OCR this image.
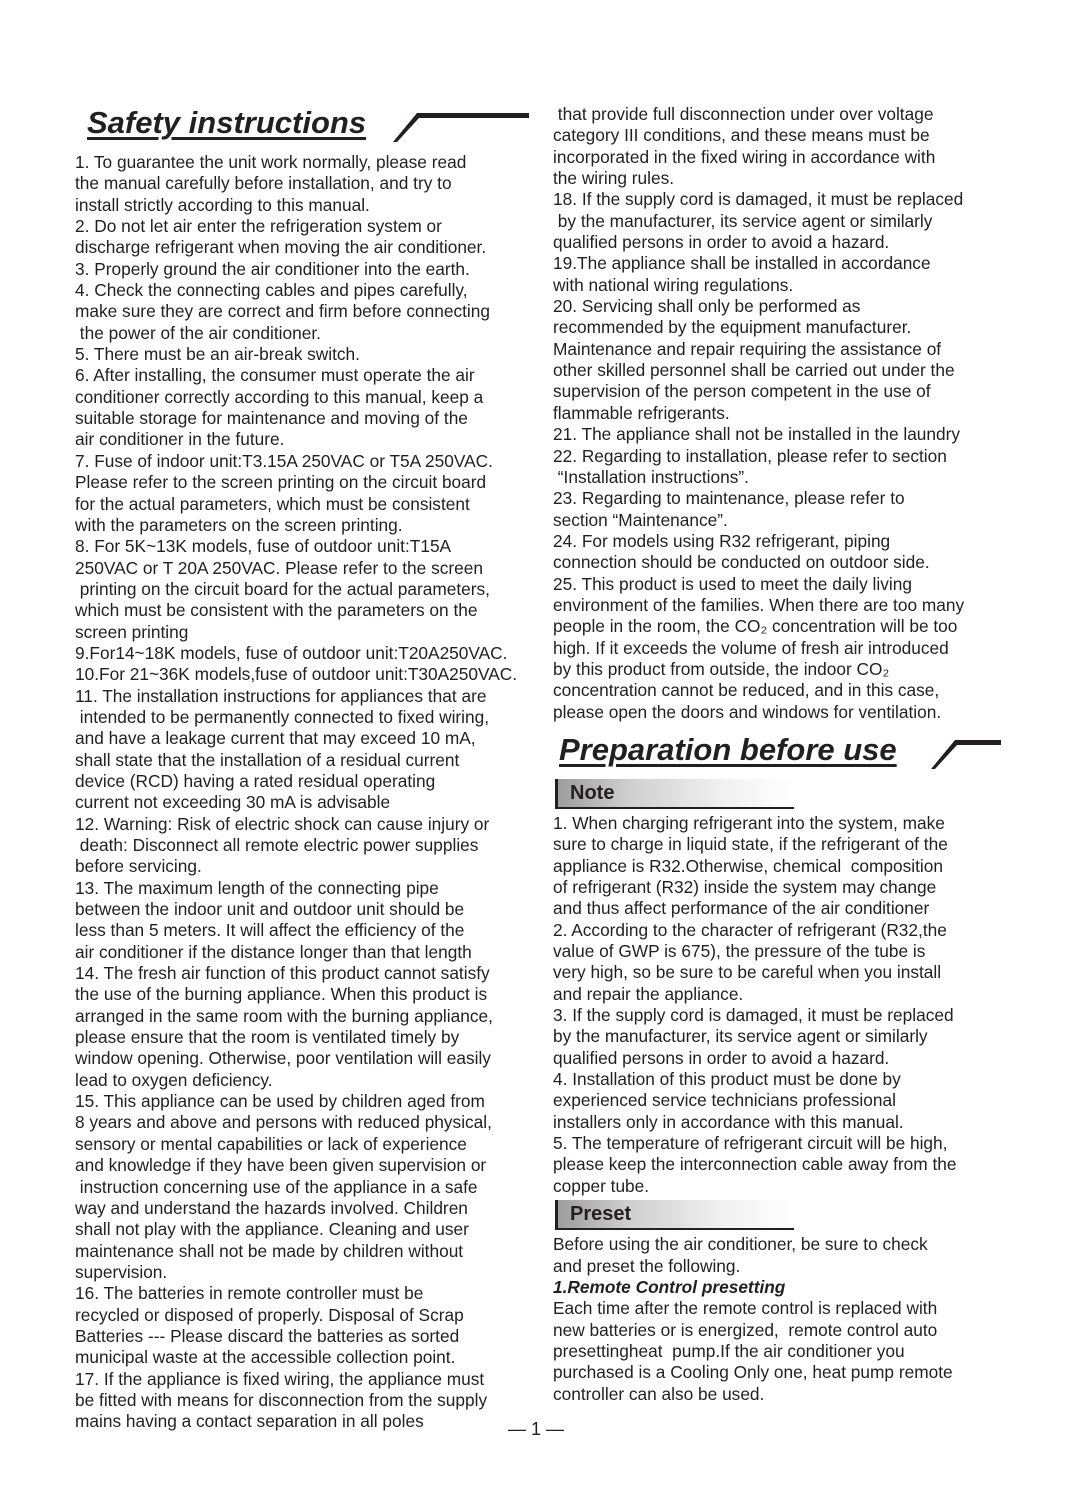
Safety instructions
1. To guarantee the unit work normally, please read
the manual carefully before installation, and try to
install strictly according to this manual.
2. Do not let air enter the refrigeration system or
discharge refrigerant when moving the air conditioner.
3. Properly ground the air conditioner into the earth.
4. Check the connecting cables and pipes carefully,
make sure they are correct and firm before connecting
the power of the air conditioner.
5. There must be an air-break switch.
6. After installing, the consumer must operate the air
conditioner correctly according to this manual, keep a
suitable storage for maintenance and moving of the
air conditioner in the future.
7. Fuse of indoor unit:T3.15A 250VAC or T5A 250VAC.
Please refer to the screen printing on the circuit board
for the actual parameters, which must be consistent
with the parameters on the screen printing.
8. For 5K~13K models, fuse of outdoor unit:T15A
250VAC or T 20A 250VAC. Please refer to the screen
printing on the circuit board for the actual parameters,
which must be consistent with the parameters on the
screen printing
9.For14~18K models, fuse of outdoor unit:T20A250VAC.
10.For 21~36K models,fuse of outdoor unit:T30A250VAC.
11. The installation instructions for appliances that are
intended to be permanently connected to fixed wiring,
and have a leakage current that may exceed 10 mA,
shall state that the installation of a residual current
device (RCD) having a rated residual operating
current not exceeding 30 mA is advisable
12. Warning: Risk of electric shock can cause injury or
death: Disconnect all remote electric power supplies
before servicing.
13. The maximum length of the connecting pipe
between the indoor unit and outdoor unit should be
less than 5 meters. It will affect the efficiency of the
air conditioner if the distance longer than that length
14. The fresh air function of this product cannot satisfy
the use of the burning appliance. When this product is
arranged in the same room with the burning appliance,
please ensure that the room is ventilated timely by
window opening. Otherwise, poor ventilation will easily
lead to oxygen deficiency.
15. This appliance can be used by children aged from
8 years and above and persons with reduced physical,
sensory or mental capabilities or lack of experience
and knowledge if they have been given supervision or
instruction concerning use of the appliance in a safe
way and understand the hazards involved. Children
shall not play with the appliance. Cleaning and user
maintenance shall not be made by children without
supervision.
16. The batteries in remote controller must be
recycled or disposed of properly. Disposal of Scrap
Batteries --- Please discard the batteries as sorted
municipal waste at the accessible collection point.
17. If the appliance is fixed wiring, the appliance must
be fitted with means for disconnection from the supply
mains having a contact separation in all poles
that provide full disconnection under over voltage
category III conditions, and these means must be
incorporated in the fixed wiring in accordance with
the wiring rules.
18. If the supply cord is damaged, it must be replaced
by the manufacturer, its service agent or similarly
qualified persons in order to avoid a hazard.
19.The appliance shall be installed in accordance
with national wiring regulations.
20. Servicing shall only be performed as
recommended by the equipment manufacturer.
Maintenance and repair requiring the assistance of
other skilled personnel shall be carried out under the
supervision of the person competent in the use of
flammable refrigerants.
21. The appliance shall not be installed in the laundry
22. Regarding to installation, please refer to section
“Installation instructions”.
23. Regarding to maintenance, please refer to
section “Maintenance”.
24. For models using R32 refrigerant, piping
connection should be conducted on outdoor side.
25. This product is used to meet the daily living
environment of the families. When there are too many
people in the room, the CO₂ concentration will be too
high. If it exceeds the volume of fresh air introduced
by this product from outside, the indoor CO₂
concentration cannot be reduced, and in this case,
please open the doors and windows for ventilation.
Preparation before use
Note
1. When charging refrigerant into the system, make
sure to charge in liquid state, if the refrigerant of the
appliance is R32.Otherwise, chemical  composition
of refrigerant (R32) inside the system may change
and thus affect performance of the air conditioner
2. According to the character of refrigerant (R32,the
value of GWP is 675), the pressure of the tube is
very high, so be sure to be careful when you install
and repair the appliance.
3. If the supply cord is damaged, it must be replaced
by the manufacturer, its service agent or similarly
qualified persons in order to avoid a hazard.
4. Installation of this product must be done by
experienced service technicians professional
installers only in accordance with this manual.
5. The temperature of refrigerant circuit will be high,
please keep the interconnection cable away from the
copper tube.
Preset
Before using the air conditioner, be sure to check
and preset the following.
1.Remote Control presetting
Each time after the remote control is replaced with
new batteries or is energized,  remote control auto
presettingheat  pump.If the air conditioner you
purchased is a Cooling Only one, heat pump remote
controller can also be used.
— 1 —
